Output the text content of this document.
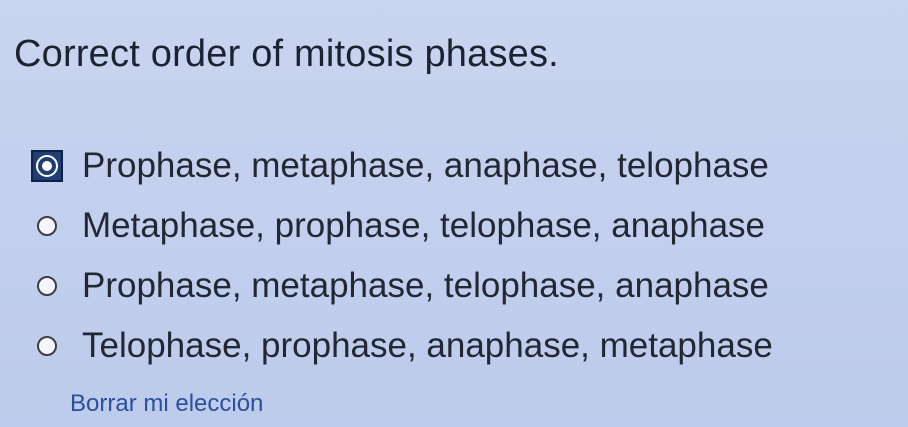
Correct order of mitosis phases.
Prophase, metaphase, anaphase, telophase
Metaphase, prophase, telophase, anaphase
Prophase, metaphase, telophase, anaphase
Telophase, prophase, anaphase, metaphase
Borrar mi elección
